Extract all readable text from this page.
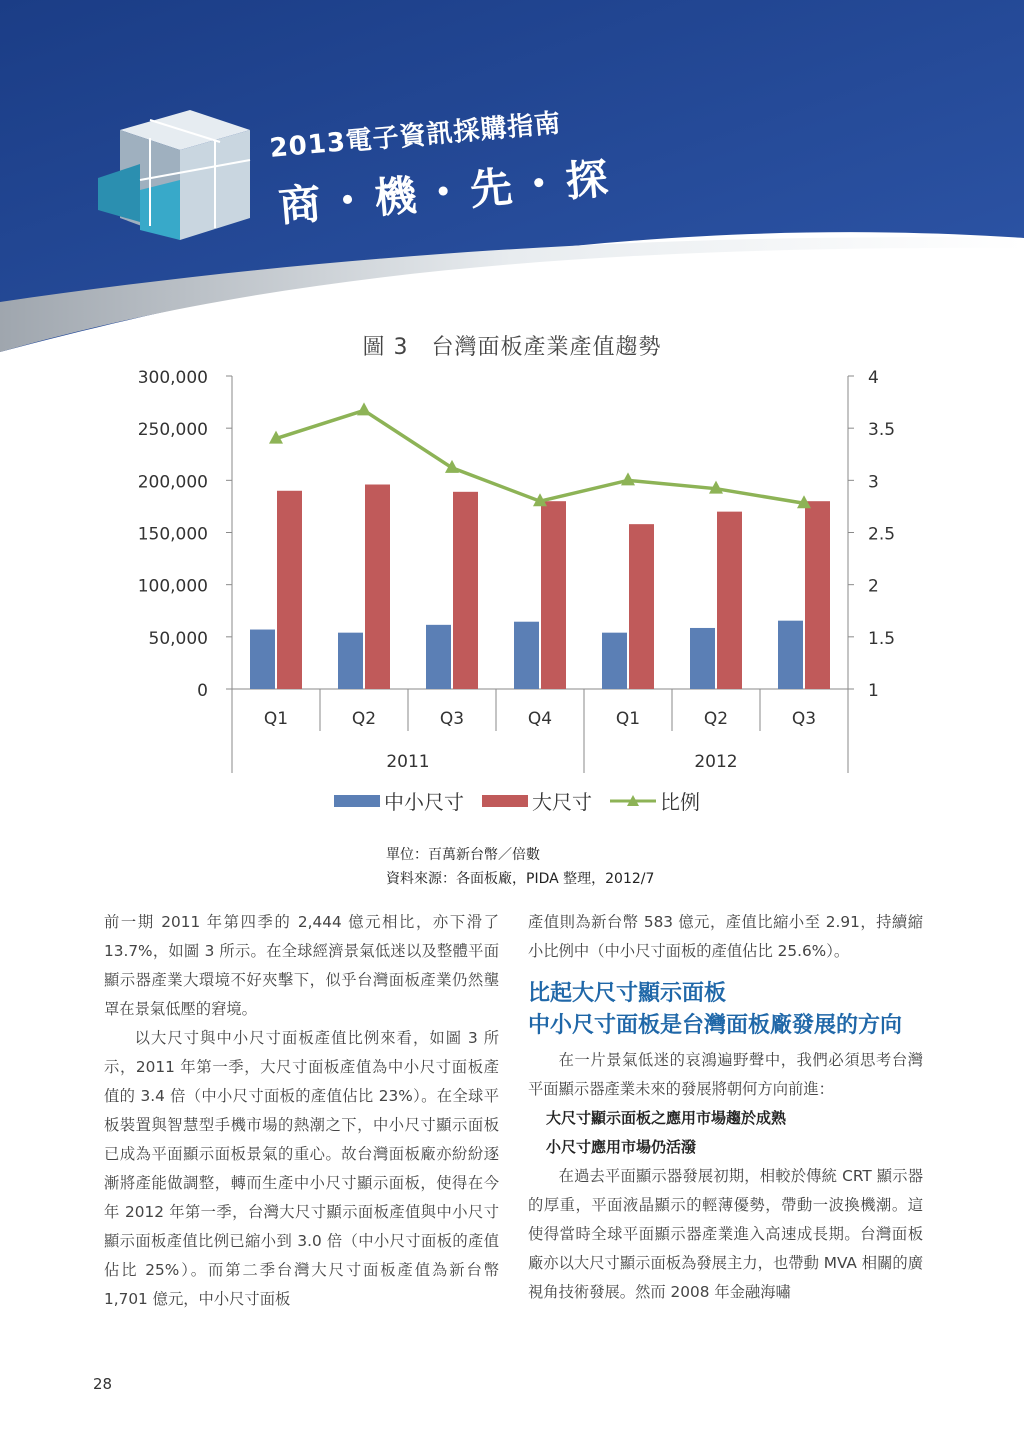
2013電子資訊採購指南
商・機・先・探
圖 3　台灣面板產業產值趨勢
0
50,000
100,000
150,000
200,000
250,000
300,000
1
1.5
2
2.5
3
3.5
4
Q1	Q2	Q3	Q4	Q1	Q2	Q3
2011	2012
中小尺寸	大尺寸	比例
單位：百萬新台幣／倍數
資料來源：各面板廠，PIDA 整理，2012/7

前一期 2011 年第四季的 2,444 億元相比，亦下滑了 13.7%，如圖 3 所示。在全球經濟景氣低迷以及整體平面顯示器產業大環境不好夾擊下，似乎台灣面板產業仍然壟罩在景氣低壓的窘境。

以大尺寸與中小尺寸面板產值比例來看，如圖 3 所示，2011 年第一季，大尺寸面板產值為中小尺寸面板產值的 3.4 倍（中小尺寸面板的產值佔比 23%）。在全球平板裝置與智慧型手機市場的熱潮之下，中小尺寸顯示面板已成為平面顯示面板景氣的重心。故台灣面板廠亦紛紛逐漸將產能做調整，轉而生產中小尺寸顯示面板，使得在今年 2012 年第一季，台灣大尺寸顯示面板產值與中小尺寸顯示面板產值比例已縮小到 3.0 倍（中小尺寸面板的產值佔比 25%）。而第二季台灣大尺寸面板產值為新台幣 1,701 億元，中小尺寸面板

產值則為新台幣 583 億元，產值比縮小至 2.91，持續縮小比例中（中小尺寸面板的產值佔比 25.6%）。

比起大尺寸顯示面板
中小尺寸面板是台灣面板廠發展的方向

在一片景氣低迷的哀鴻遍野聲中，我們必須思考台灣平面顯示器產業未來的發展將朝何方向前進：

大尺寸顯示面板之應用市場趨於成熟

小尺寸應用市場仍活潑

在過去平面顯示器發展初期，相較於傳統 CRT 顯示器的厚重，平面液晶顯示的輕薄優勢，帶動一波換機潮。這使得當時全球平面顯示器產業進入高速成長期。台灣面板廠亦以大尺寸顯示面板為發展主力，也帶動 MVA 相關的廣視角技術發展。然而 2008 年金融海嘯

28
